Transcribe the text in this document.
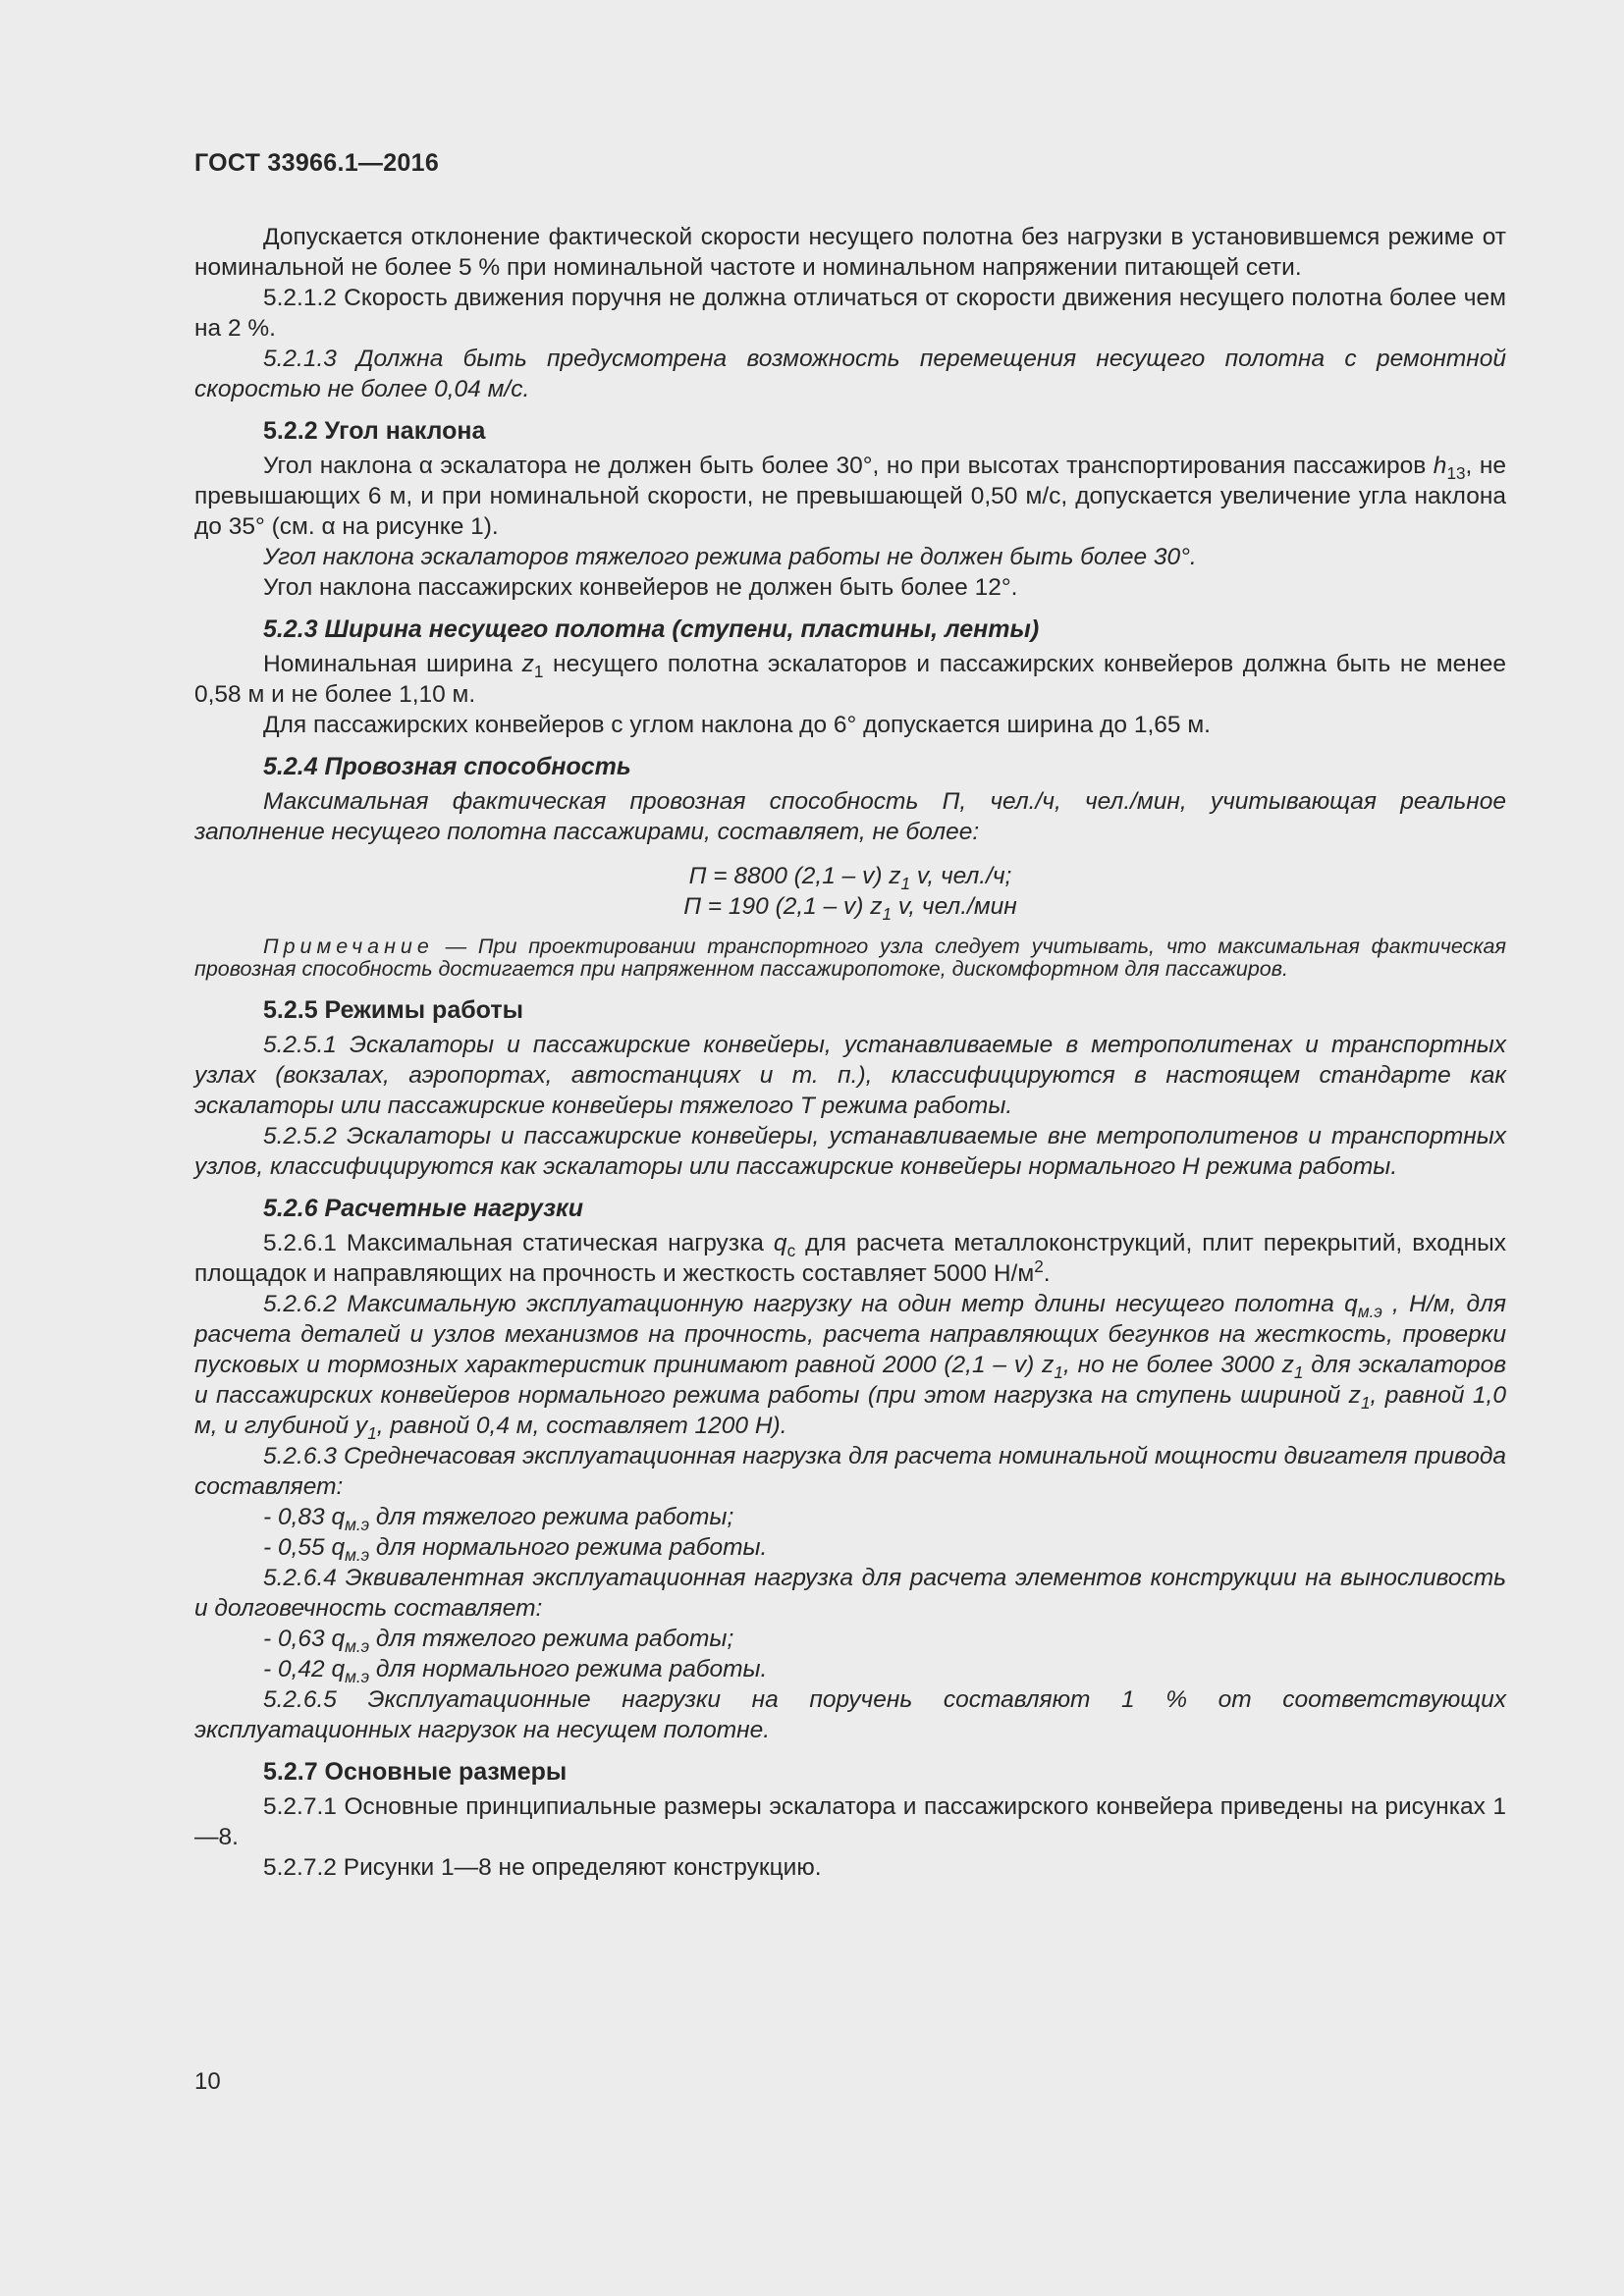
ГОСТ 33966.1—2016

Допускается отклонение фактической скорости несущего полотна без нагрузки в установившемся режиме от номинальной не более 5 % при номинальной частоте и номинальном напряжении питающей сети.

5.2.1.2 Скорость движения поручня не должна отличаться от скорости движения несущего полотна более чем на 2 %.

5.2.1.3 Должна быть предусмотрена возможность перемещения несущего полотна с ремонтной скоростью не более 0,04 м/с.

5.2.2 Угол наклона

Угол наклона α эскалатора не должен быть более 30°, но при высотах транспортирования пассажиров $h_{13}$, не превышающих 6 м, и при номинальной скорости, не превышающей 0,50 м/с, допускается увеличение угла наклона до 35° (см. α на рисунке 1).

Угол наклона эскалаторов тяжелого режима работы не должен быть более 30°.

Угол наклона пассажирских конвейеров не должен быть более 12°.

5.2.3 Ширина несущего полотна (ступени, пластины, ленты)

Номинальная ширина $z_1$ несущего полотна эскалаторов и пассажирских конвейеров должна быть не менее 0,58 м и не более 1,10 м.

Для пассажирских конвейеров с углом наклона до 6° допускается ширина до 1,65 м.

5.2.4 Провозная способность

Максимальная фактическая провозная способность П, чел./ч, чел./мин, учитывающая реальное заполнение несущего полотна пассажирами, составляет, не более:

П = 8800 (2,1 – v) $z_1$ v, чел./ч;
П = 190 (2,1 – v) $z_1$ v, чел./мин

Примечание — При проектировании транспортного узла следует учитывать, что максимальная фактическая провозная способность достигается при напряженном пассажиропотоке, дискомфортном для пассажиров.

5.2.5 Режимы работы

5.2.5.1 Эскалаторы и пассажирские конвейеры, устанавливаемые в метрополитенах и транспортных узлах (вокзалах, аэропортах, автостанциях и т. п.), классифицируются в настоящем стандарте как эскалаторы или пассажирские конвейеры тяжелого Т режима работы.

5.2.5.2 Эскалаторы и пассажирские конвейеры, устанавливаемые вне метрополитенов и транспортных узлов, классифицируются как эскалаторы или пассажирские конвейеры нормального Н режима работы.

5.2.6 Расчетные нагрузки

5.2.6.1 Максимальная статическая нагрузка $q_c$ для расчета металлоконструкций, плит перекрытий, входных площадок и направляющих на прочность и жесткость составляет 5000 $Н/м^2$.

5.2.6.2 Максимальную эксплуатационную нагрузку на один метр длины несущего полотна $q_{м.э}$ , Н/м, для расчета деталей и узлов механизмов на прочность, расчета направляющих бегунков на жесткость, проверки пусковых и тормозных характеристик принимают равной 2000 (2,1 – v) $z_1$, но не более 3000 $z_1$ для эскалаторов и пассажирских конвейеров нормального режима работы (при этом нагрузка на ступень шириной $z_1$, равной 1,0 м, и глубиной $y_1$, равной 0,4 м, составляет 1200 Н).

5.2.6.3 Среднечасовая эксплуатационная нагрузка для расчета номинальной мощности двигателя привода составляет:

- 0,83 $q_{м.э}$ для тяжелого режима работы;

- 0,55 $q_{м.э}$ для нормального режима работы.

5.2.6.4 Эквивалентная эксплуатационная нагрузка для расчета элементов конструкции на выносливость и долговечность составляет:

- 0,63 $q_{м.э}$ для тяжелого режима работы;

- 0,42 $q_{м.э}$ для нормального режима работы.

5.2.6.5 Эксплуатационные нагрузки на поручень составляют 1 % от соответствующих эксплуатационных нагрузок на несущем полотне.

5.2.7 Основные размеры

5.2.7.1 Основные принципиальные размеры эскалатора и пассажирского конвейера приведены на рисунках 1—8.

5.2.7.2 Рисунки 1—8 не определяют конструкцию.

10
